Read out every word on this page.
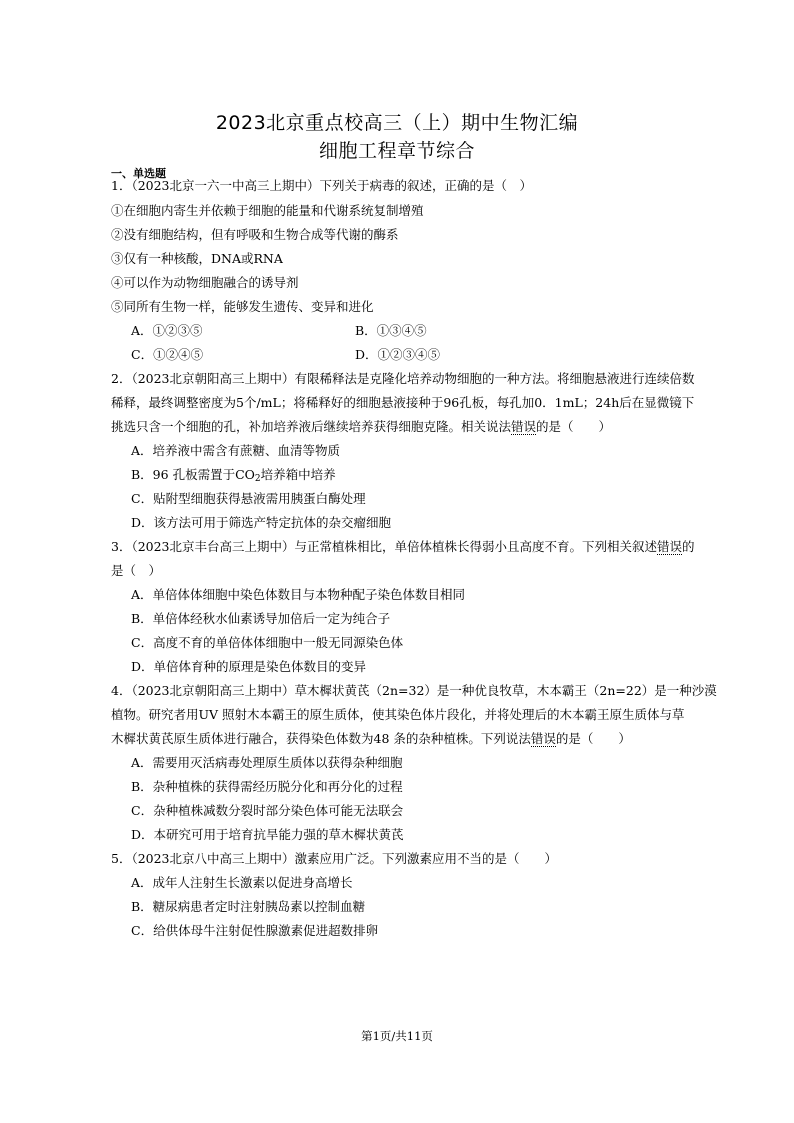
2023北京重点校高三（上）期中生物汇编
细胞工程章节综合
一、单选题
1．（2023北京一六一中高三上期中）下列关于病毒的叙述，正确的是（　）
①在细胞内寄生并依赖于细胞的能量和代谢系统复制增殖
②没有细胞结构，但有呼吸和生物合成等代谢的酶系
③仅有一种核酸，DNA或RNA
④可以作为动物细胞融合的诱导剂
⑤同所有生物一样，能够发生遗传、变异和进化
A．①②③⑤	B．①③④⑤
C．①②④⑤	D．①②③④⑤
2．（2023北京朝阳高三上期中）有限稀释法是克隆化培养动物细胞的一种方法。将细胞悬液进行连续倍数
稀释，最终调整密度为5个/mL；将稀释好的细胞悬液接种于96孔板，每孔加0．1mL；24h后在显微镜下
挑选只含一个细胞的孔，补加培养液后继续培养获得细胞克隆。相关说法错误的是（　　）
A．培养液中需含有蔗糖、血清等物质
B．96 孔板需置于$CO_2$培养箱中培养
C．贴附型细胞获得悬液需用胰蛋白酶处理
D．该方法可用于筛选产特定抗体的杂交瘤细胞
3．（2023北京丰台高三上期中）与正常植株相比，单倍体植株长得弱小且高度不育。下列相关叙述错误的
是（　）
A．单倍体体细胞中染色体数目与本物种配子染色体数目相同
B．单倍体经秋水仙素诱导加倍后一定为纯合子
C．高度不育的单倍体体细胞中一般无同源染色体
D．单倍体育种的原理是染色体数目的变异
4．（2023北京朝阳高三上期中）草木樨状黄芪（2n=32）是一种优良牧草，木本霸王（2n=22）是一种沙漠
植物。研究者用UV 照射木本霸王的原生质体，使其染色体片段化，并将处理后的木本霸王原生质体与草
木樨状黄芪原生质体进行融合，获得染色体数为48 条的杂种植株。下列说法错误的是（　　）
A．需要用灭活病毒处理原生质体以获得杂种细胞
B．杂种植株的获得需经历脱分化和再分化的过程
C．杂种植株减数分裂时部分染色体可能无法联会
D．本研究可用于培育抗旱能力强的草木樨状黄芪
5．（2023北京八中高三上期中）激素应用广泛。下列激素应用不当的是（　　）
A．成年人注射生长激素以促进身高增长
B．糖尿病患者定时注射胰岛素以控制血糖
C．给供体母牛注射促性腺激素促进超数排卵
第1页/共11页
